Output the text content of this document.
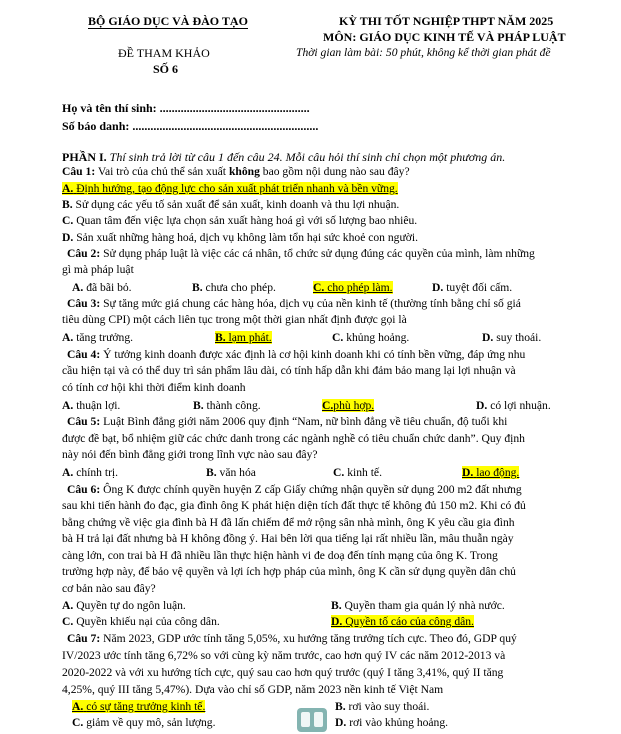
BỘ GIÁO DỤC VÀ ĐÀO TẠO	KỲ THI TỐT NGHIỆP THPT NĂM 2025
MÔN: GIÁO DỤC KINH TẾ VÀ PHÁP LUẬT
ĐỀ THAM KHẢO	Thời gian làm bài: 50 phút, không kể thời gian phát đề
SỐ 6
Họ và tên thí sinh: ..................................................
Số báo danh: ..............................................................
PHẦN I. Thí sinh trả lời từ câu 1 đến câu 24. Mỗi câu hỏi thí sinh chỉ chọn một phương án.
Câu 1: Vai trò của chủ thể sản xuất không bao gồm nội dung nào sau đây?
A. Định hướng, tạo động lực cho sản xuất phát triển nhanh và bền vững.
B. Sử dụng các yếu tố sản xuất để sản xuất, kinh doanh và thu lợi nhuận.
C. Quan tâm đến việc lựa chọn sản xuất hàng hoá gì với số lượng bao nhiêu.
D. Sản xuất những hàng hoá, dịch vụ không làm tổn hại sức khoẻ con người.
Câu 2: Sử dụng pháp luật là việc các cá nhân, tổ chức sử dụng đúng các quyền của mình, làm những
gì mà pháp luật
A. đã bãi bỏ.	B. chưa cho phép.	C. cho phép làm.	D. tuyệt đối cấm.
Câu 3: Sự tăng mức giá chung các hàng hóa, dịch vụ của nền kinh tế (thường tính bằng chỉ số giá
tiêu dùng CPI) một cách liên tục trong một thời gian nhất định được gọi là
A. tăng trưởng.	B. lạm phát.	C. khủng hoảng.	D. suy thoái.
Câu 4: Ý tưởng kinh doanh được xác định là cơ hội kinh doanh khi có tính bền vững, đáp ứng nhu
cầu hiện tại và có thể duy trì sản phẩm lâu dài, có tính hấp dẫn khi đảm bảo mang lại lợi nhuận và
có tính cơ hội khi thời điểm kinh doanh
A. thuận lợi.	B. thành công.	C.phù hợp.	D. có lợi nhuận.
Câu 5: Luật Bình đẳng giới năm 2006 quy định “Nam, nữ bình đẳng về tiêu chuẩn, độ tuổi khi
được đề bạt, bổ nhiệm giữ các chức danh trong các ngành nghề có tiêu chuẩn chức danh”. Quy định
này nói đến bình đẳng giới trong lĩnh vực nào sau đây?
A. chính trị.	B. văn hóa	C. kinh tế.	D. lao động.
Câu 6: Ông K được chính quyền huyện Z cấp Giấy chứng nhận quyền sử dụng 200 m2 đất nhưng
sau khi tiến hành đo đạc, gia đình ông K phát hiện diện tích đất thực tế không đủ 150 m2. Khi có đủ
bằng chứng về việc gia đình bà H đã lấn chiếm để mở rộng sân nhà mình, ông K yêu cầu gia đình
bà H trả lại đất nhưng bà H không đồng ý. Hai bên lời qua tiếng lại rất nhiều lần, mâu thuẫn ngày
càng lớn, con trai bà H đã nhiều lần thực hiện hành vi đe doạ đến tính mạng của ông K. Trong
trường hợp này, để bảo vệ quyền và lợi ích hợp pháp của mình, ông K cần sử dụng quyền dân chủ
cơ bản nào sau đây?
A. Quyền tự do ngôn luận.	B. Quyền tham gia quản lý nhà nước.
C. Quyền khiếu nại của công dân.	D. Quyền tố cáo của công dân.
Câu 7: Năm 2023, GDP ước tính tăng 5,05%, xu hướng tăng trưởng tích cực. Theo đó, GDP quý
IV/2023 ước tính tăng 6,72% so với cùng kỳ năm trước, cao hơn quý IV các năm 2012-2013 và
2020-2022 và với xu hướng tích cực, quý sau cao hơn quý trước (quý I tăng 3,41%, quý II tăng
4,25%, quý III tăng 5,47%). Dựa vào chỉ số GDP, năm 2023 nền kinh tế Việt Nam
A. có sự tăng trưởng kinh tế.	B. rơi vào suy thoái.
C. giảm về quy mô, sản lượng.	D. rơi vào khủng hoảng.
